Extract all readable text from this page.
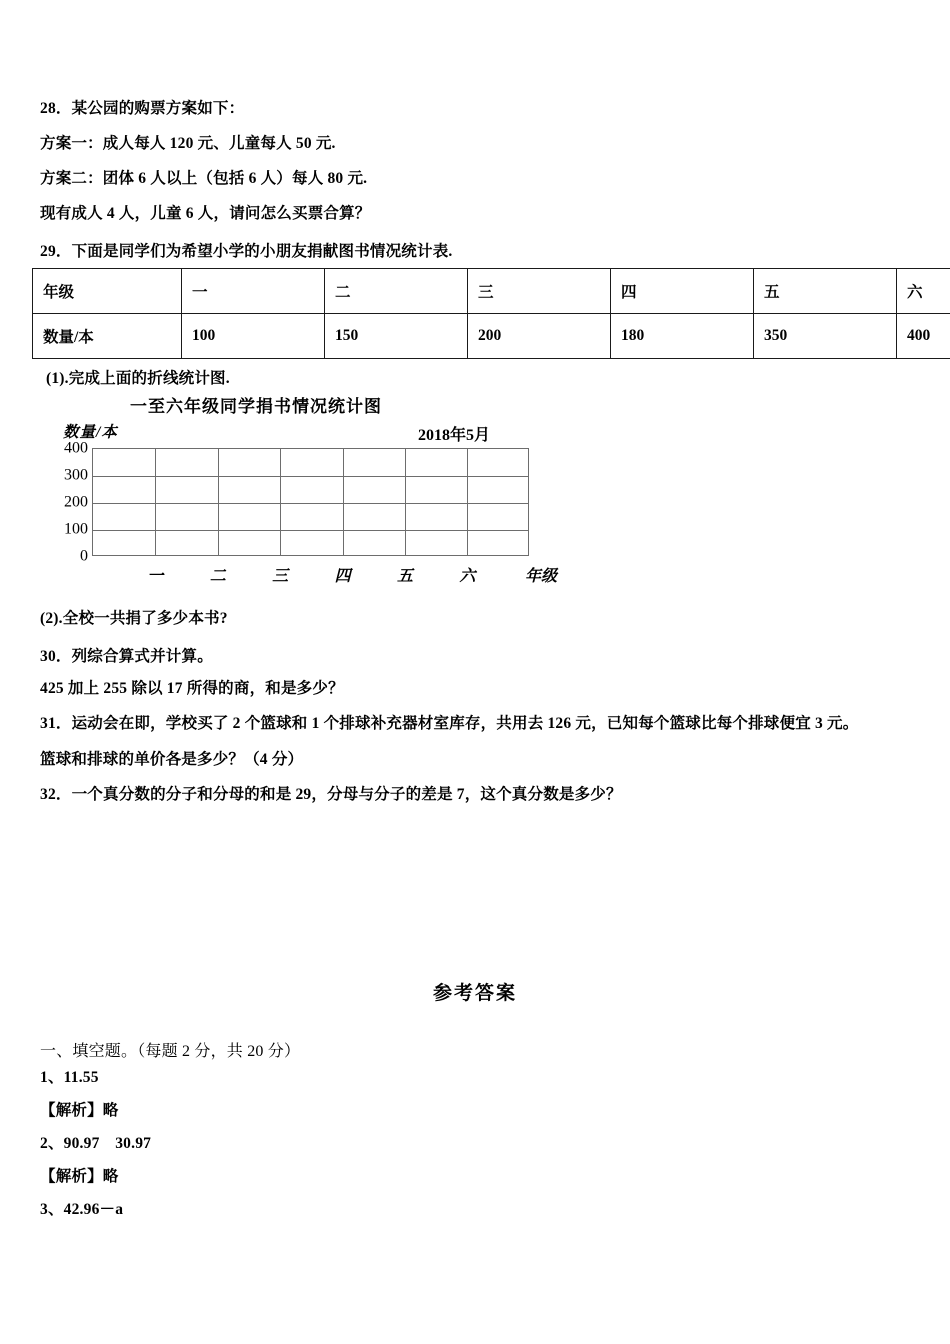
28．某公园的购票方案如下：
方案一：成人每人 120 元、儿童每人 50 元.
方案二：团体 6 人以上（包括 6 人）每人 80 元.
现有成人 4 人，儿童 6 人，请问怎么买票合算？
29．下面是同学们为希望小学的小朋友捐献图书情况统计表.
年级	一	二	三	四	五	六
数量/本	100	150	200	180	350	400
(1).完成上面的折线统计图.
一至六年级同学捐书情况统计图
数量/本	2018年5月
400
300
200
100
0
一	二	三	四	五	六	年级
(2).全校一共捐了多少本书?
30．列综合算式并计算。
425 加上 255 除以 17 所得的商，和是多少？
31．运动会在即，学校买了 2 个篮球和 1 个排球补充器材室库存，共用去 126 元，已知每个篮球比每个排球便宜 3 元。
篮球和排球的单价各是多少？（4 分）
32．一个真分数的分子和分母的和是 29，分母与分子的差是 7，这个真分数是多少？
参考答案
一、填空题。（每题 2 分，共 20 分）
1、11.55
【解析】略
2、90.97　30.97
【解析】略
3、42.96－a
